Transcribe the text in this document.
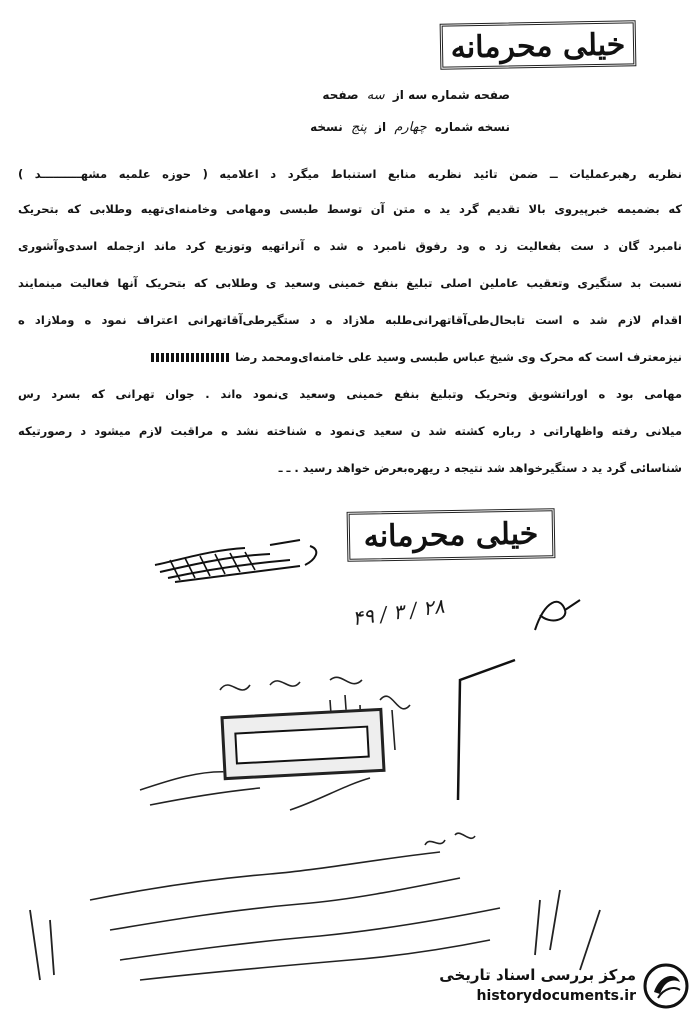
خیلی محرمانه
صفحه شماره سه از سه صفحه
نسخه شماره چهارم از پنج نسخه
نظریه رهبرعملیات ــ ضمن تائید نظریه منابع استنباط میگرد د اعلامیه ( حوزه علمیه مشهــــــــــد )
که بضمیمه خبرپیروی بالا تقدیم گرد ید ه متن آن توسط طبسی ومهامی وخامنه‌ای‌تهیه وطلابی که بتحریک
نامبرد گان د ست بفعالیت زد ه ود رفوق نامبرد ه شد ه آنراتهیه وتوزیع کرد ماند ازجمله اسدی‌وآشوری
نسبت بد ستگیری وتعقیب عاملین اصلی تبلیغ بنفع خمینی وسعید ی وطلابی که بتحریک آنها فعالیت مینمایند
اقدام لازم شد ه است تابحال‌طی‌آقاتهرانی‌طلبه ملازاد ه د ستگیرطی‌آقاتهرانی اعتراف نمود ه وملازاد ه
نیزمعترف است که محرک وی شیخ عباس طبسی وسید علی خامنه‌ای‌ومحمد رضا
مهامی بود ه اوراتشویق وتحریک وتبلیغ بنفع خمینی وسعید ی‌نمود ه‌اند . جوان تهرانی که بسرد رس
میلانی رفته واظهاراتی د رباره کشته شد ن سعید ی‌نمود ه شناخته نشد ه مراقبت لازم میشود د رصورتیکه
شناسائی گرد ید د ستگیرخواهد شد نتیجه د ریهره‌بعرض خواهد رسید . ـ ـ
خیلی محرمانه
۲۸ / ۳ / ۴۹
مرکز بررسی اسناد تاریخی
historydocuments.ir
